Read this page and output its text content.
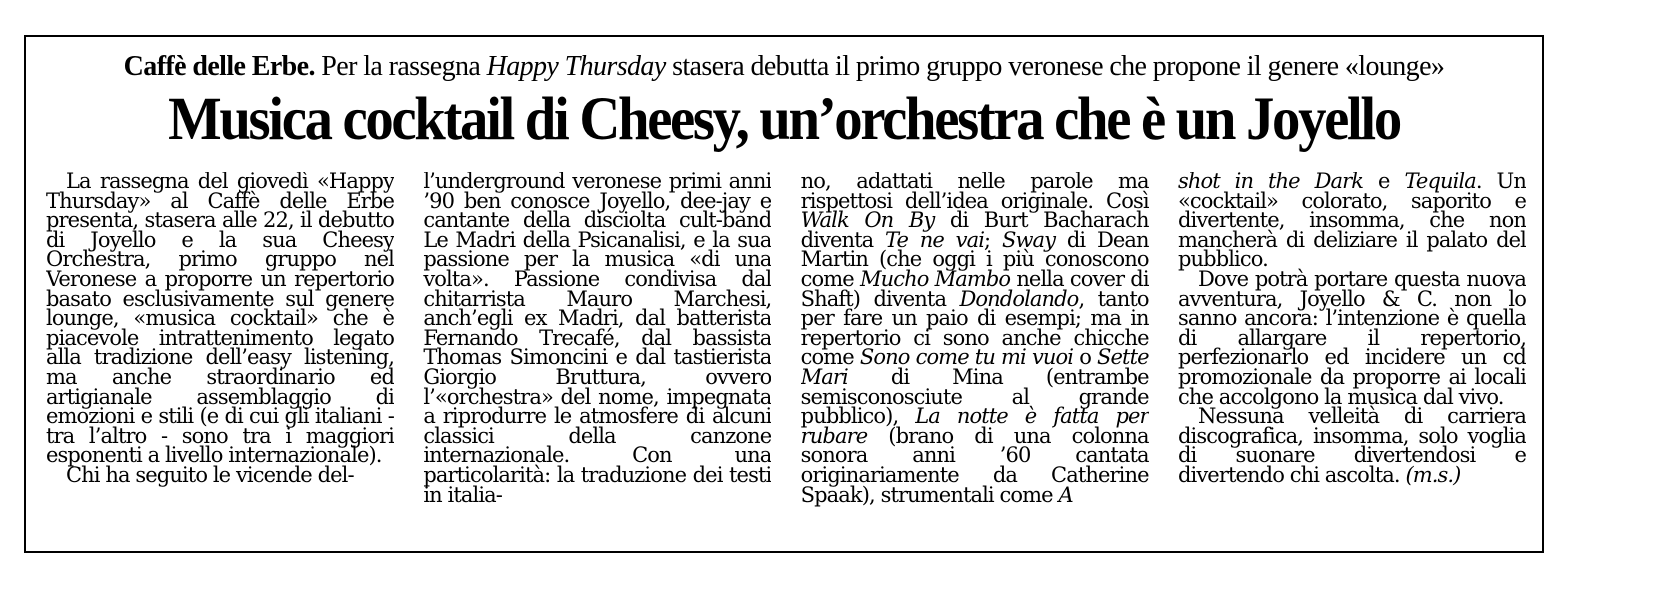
Caffè delle Erbe. Per la rassegna Happy Thursday stasera debutta il primo gruppo veronese che propone il genere «lounge»
Musica cocktail di Cheesy, un’orchestra che è un Joyello

La rassegna del giovedì «Happy Thursday» al Caffè delle Erbe presenta, stasera alle 22, il debutto di Joyello e la sua Cheesy Orchestra, primo gruppo nel Veronese a proporre un repertorio basato esclusivamente sul genere lounge, «musica cocktail» che è piacevole intrattenimento legato alla tradizione dell’easy listening, ma anche straordinario ed artigianale assemblaggio di emozioni e stili (e di cui gli italiani - tra l’altro - sono tra i maggiori esponenti a livello internazionale).

Chi ha seguito le vicende del-

l’underground veronese primi anni ’90 ben conosce Joyello, dee-jay e cantante della disciolta cult-band Le Madri della Psicanalisi, e la sua passione per la musica «di una volta». Passione condivisa dal chitarrista Mauro Marchesi, anch’egli ex Madri, dal batterista Fernando Trecafé, dal bassista Thomas Simoncini e dal tastierista Giorgio Bruttura, ovvero l’«orchestra» del nome, impegnata a riprodurre le atmosfere di alcuni classici della canzone internazionale. Con una particolarità: la traduzione dei testi in italia-

no, adattati nelle parole ma rispettosi dell’idea originale. Così Walk On By di Burt Bacharach diventa Te ne vai; Sway di Dean Martin (che oggi i più conoscono come Mucho Mambo nella cover di Shaft) diventa Dondolando, tanto per fare un paio di esempi; ma in repertorio ci sono anche chicche come Sono come tu mi vuoi o Sette Mari di Mina (entrambe semisconosciute al grande pubblico), La notte è fatta per rubare (brano di una colonna sonora anni ’60 cantata originariamente da Catherine Spaak), strumentali come A

shot in the Dark e Tequila. Un «cocktail» colorato, saporito e divertente, insomma, che non mancherà di deliziare il palato del pubblico.

Dove potrà portare questa nuova avventura, Joyello & C. non lo sanno ancora: l’intenzione è quella di allargare il repertorio, perfezionarlo ed incidere un cd promozionale da proporre ai locali che accolgono la musica dal vivo.

Nessuna velleità di carriera discografica, insomma, solo voglia di suonare divertendosi e divertendo chi ascolta. (m.s.)
